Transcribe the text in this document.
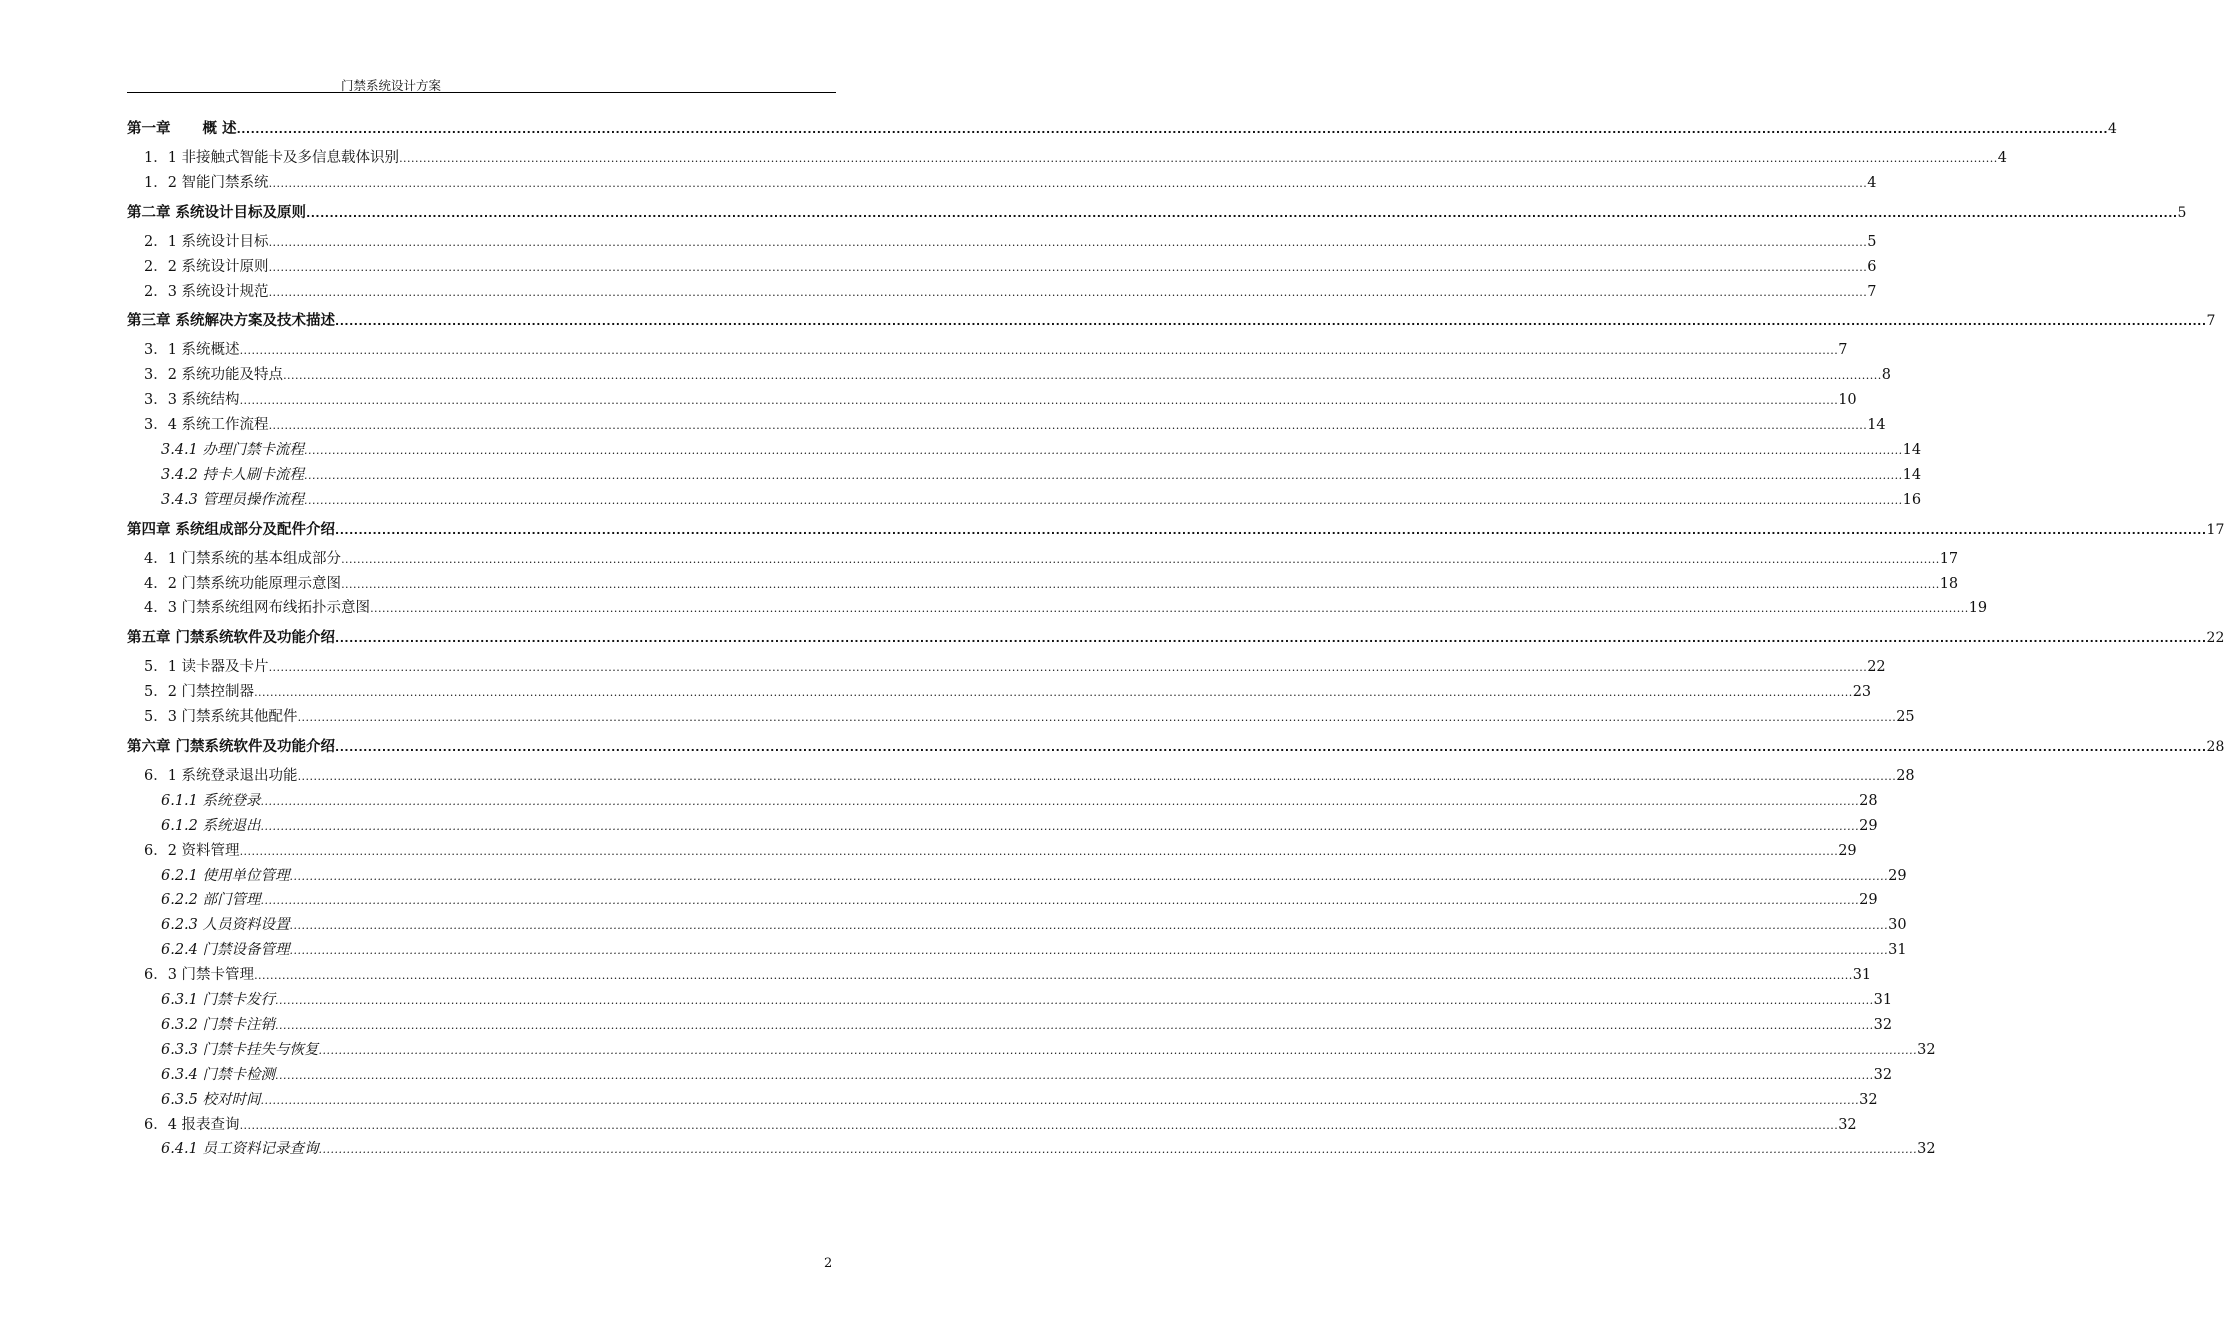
门禁系统设计方案
第一章 概 述 ................................................................................................................................................................................................................................................................................................................................................................................................................ 4
1．1 非接触式智能卡及多信息载体识别 ................................................................................................................................................................................................................................................................................................................................................................................................................ 4
1．2 智能门禁系统 ................................................................................................................................................................................................................................................................................................................................................................................................................ 4
第二章 系统设计目标及原则 ................................................................................................................................................................................................................................................................................................................................................................................................................ 5
2．1 系统设计目标 ................................................................................................................................................................................................................................................................................................................................................................................................................ 5
2．2 系统设计原则 ................................................................................................................................................................................................................................................................................................................................................................................................................ 6
2．3 系统设计规范 ................................................................................................................................................................................................................................................................................................................................................................................................................ 7
第三章 系统解决方案及技术描述 ................................................................................................................................................................................................................................................................................................................................................................................................................ 7
3．1 系统概述 ................................................................................................................................................................................................................................................................................................................................................................................................................ 7
3．2 系统功能及特点 ................................................................................................................................................................................................................................................................................................................................................................................................................ 8
3．3 系统结构 ................................................................................................................................................................................................................................................................................................................................................................................................................ 10
3．4 系统工作流程 ................................................................................................................................................................................................................................................................................................................................................................................................................ 14
3.4.1 办理门禁卡流程 ................................................................................................................................................................................................................................................................................................................................................................................................................ 14
3.4.2 持卡人刷卡流程 ................................................................................................................................................................................................................................................................................................................................................................................................................ 14
3.4.3 管理员操作流程 ................................................................................................................................................................................................................................................................................................................................................................................................................ 16
第四章 系统组成部分及配件介绍 ................................................................................................................................................................................................................................................................................................................................................................................................................ 17
4．1 门禁系统的基本组成部分 ................................................................................................................................................................................................................................................................................................................................................................................................................ 17
4．2 门禁系统功能原理示意图 ................................................................................................................................................................................................................................................................................................................................................................................................................ 18
4．3 门禁系统组网布线拓扑示意图 ................................................................................................................................................................................................................................................................................................................................................................................................................ 19
第五章 门禁系统软件及功能介绍 ................................................................................................................................................................................................................................................................................................................................................................................................................ 22
5．1 读卡器及卡片 ................................................................................................................................................................................................................................................................................................................................................................................................................ 22
5．2 门禁控制器 ................................................................................................................................................................................................................................................................................................................................................................................................................ 23
5．3 门禁系统其他配件 ................................................................................................................................................................................................................................................................................................................................................................................................................ 25
第六章 门禁系统软件及功能介绍 ................................................................................................................................................................................................................................................................................................................................................................................................................ 28
6．1 系统登录退出功能 ................................................................................................................................................................................................................................................................................................................................................................................................................ 28
6.1.1 系统登录 ................................................................................................................................................................................................................................................................................................................................................................................................................ 28
6.1.2 系统退出 ................................................................................................................................................................................................................................................................................................................................................................................................................ 29
6．2 资料管理 ................................................................................................................................................................................................................................................................................................................................................................................................................ 29
6.2.1 使用单位管理 ................................................................................................................................................................................................................................................................................................................................................................................................................ 29
6.2.2 部门管理 ................................................................................................................................................................................................................................................................................................................................................................................................................ 29
6.2.3 人员资料设置 ................................................................................................................................................................................................................................................................................................................................................................................................................ 30
6.2.4 门禁设备管理 ................................................................................................................................................................................................................................................................................................................................................................................................................ 31
6．3 门禁卡管理 ................................................................................................................................................................................................................................................................................................................................................................................................................ 31
6.3.1 门禁卡发行 ................................................................................................................................................................................................................................................................................................................................................................................................................ 31
6.3.2 门禁卡注销 ................................................................................................................................................................................................................................................................................................................................................................................................................ 32
6.3.3 门禁卡挂失与恢复 ................................................................................................................................................................................................................................................................................................................................................................................................................ 32
6.3.4 门禁卡检测 ................................................................................................................................................................................................................................................................................................................................................................................................................ 32
6.3.5 校对时间 ................................................................................................................................................................................................................................................................................................................................................................................................................ 32
6．4 报表查询 ................................................................................................................................................................................................................................................................................................................................................................................................................ 32
6.4.1 员工资料记录查询 ................................................................................................................................................................................................................................................................................................................................................................................................................ 32
2
